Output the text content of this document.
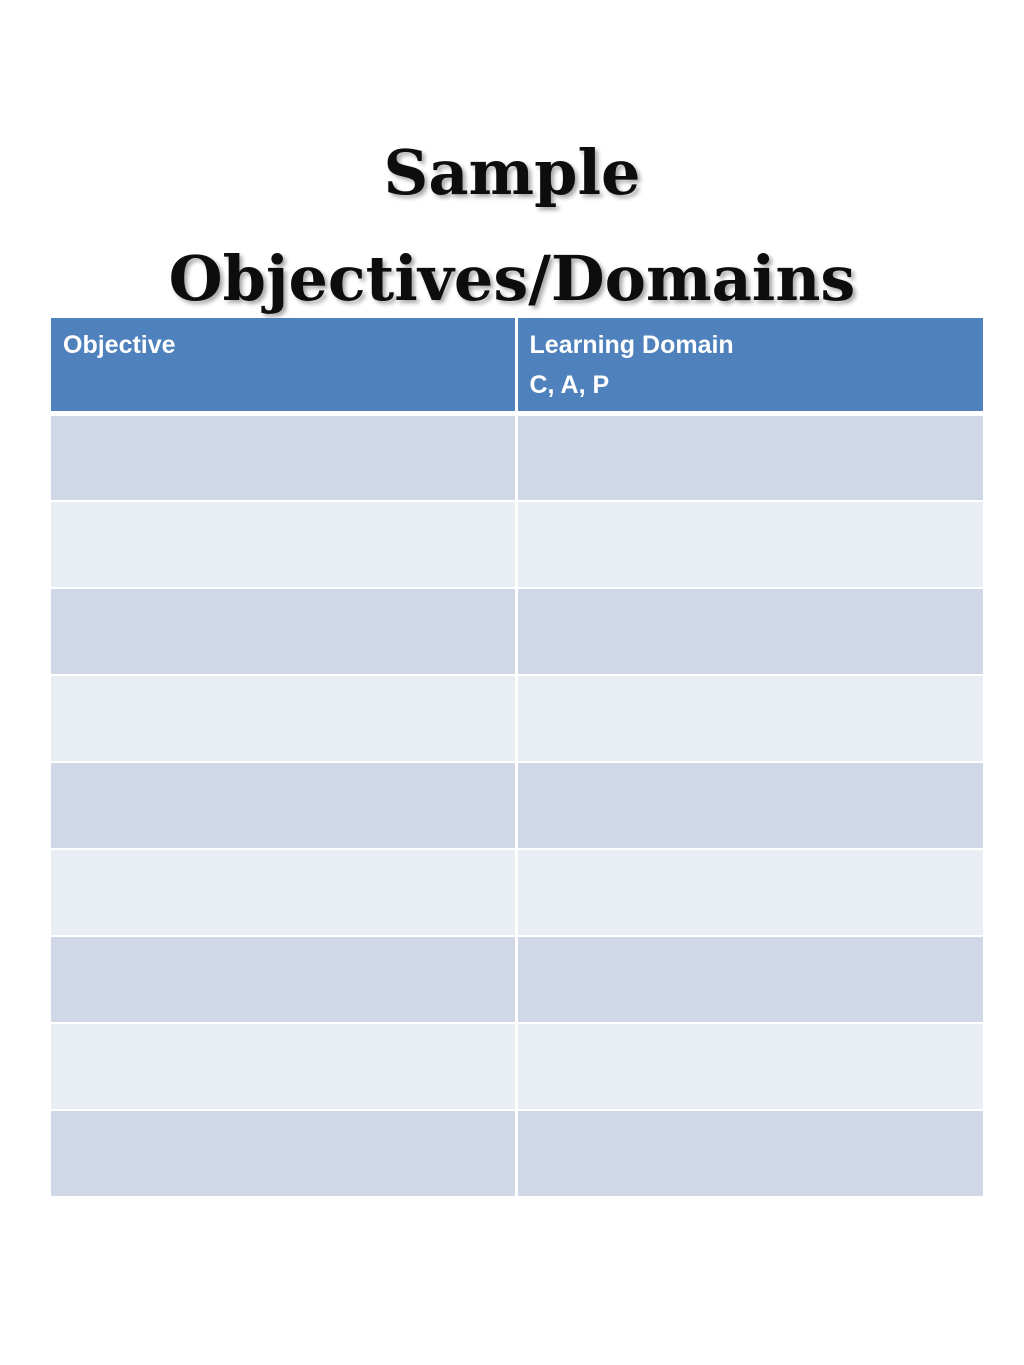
Sample
Objectives/Domains
Objective	Learning Domain
C, A, P
